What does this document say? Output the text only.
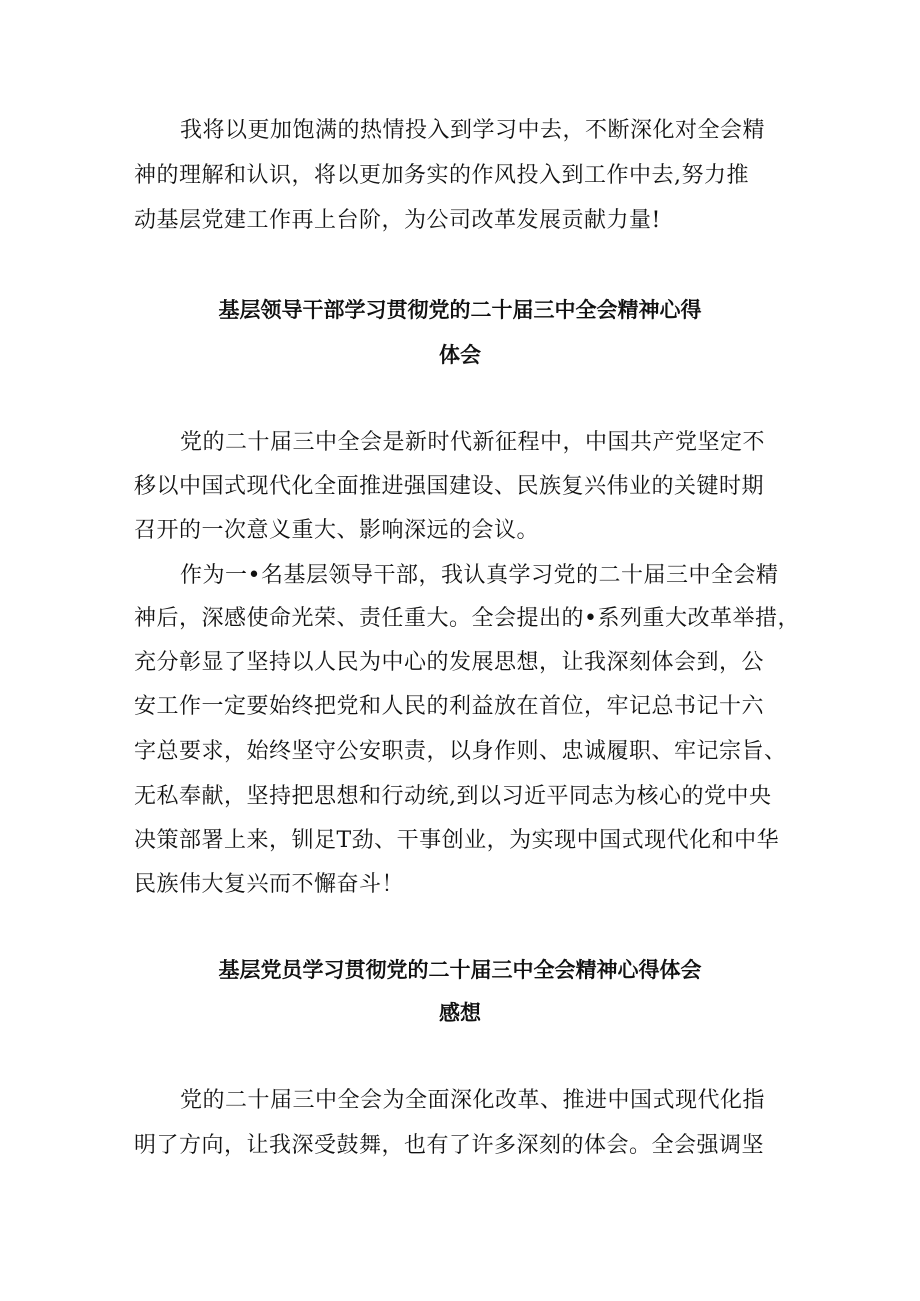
我将以更加饱满的热情投入到学习中去，不断深化对全会精
神的理解和认识，将以更加务实的作风投入到工作中去,努力推
动基层党建工作再上台阶，为公司改革发展贡献力量!
基层领导干部学习贯彻党的二十届三中全会精神心得
体会
党的二十届三中全会是新时代新征程中，中国共产党坚定不
移以中国式现代化全面推进强国建设、民族复兴伟业的关键时期
召开的一次意义重大、影响深远的会议。
作为一•名基层领导干部，我认真学习党的二十届三中全会精
神后，深感使命光荣、责任重大。全会提出的•系列重大改革举措，
充分彰显了坚持以人民为中心的发展思想，让我深刻体会到，公
安工作一定要始终把党和人民的利益放在首位，牢记总书记十六
字总要求，始终坚守公安职责，以身作则、忠诚履职、牢记宗旨、
无私奉献，坚持把思想和行动统,到以习近平同志为核心的党中央
决策部署上来，钏足T劲、干事创业，为实现中国式现代化和中华
民族伟大复兴而不懈奋斗！
基层党员学习贯彻党的二十届三中全会精神心得体会
感想
党的二十届三中全会为全面深化改革、推进中国式现代化指
明了方向，让我深受鼓舞，也有了许多深刻的体会。全会强调坚
